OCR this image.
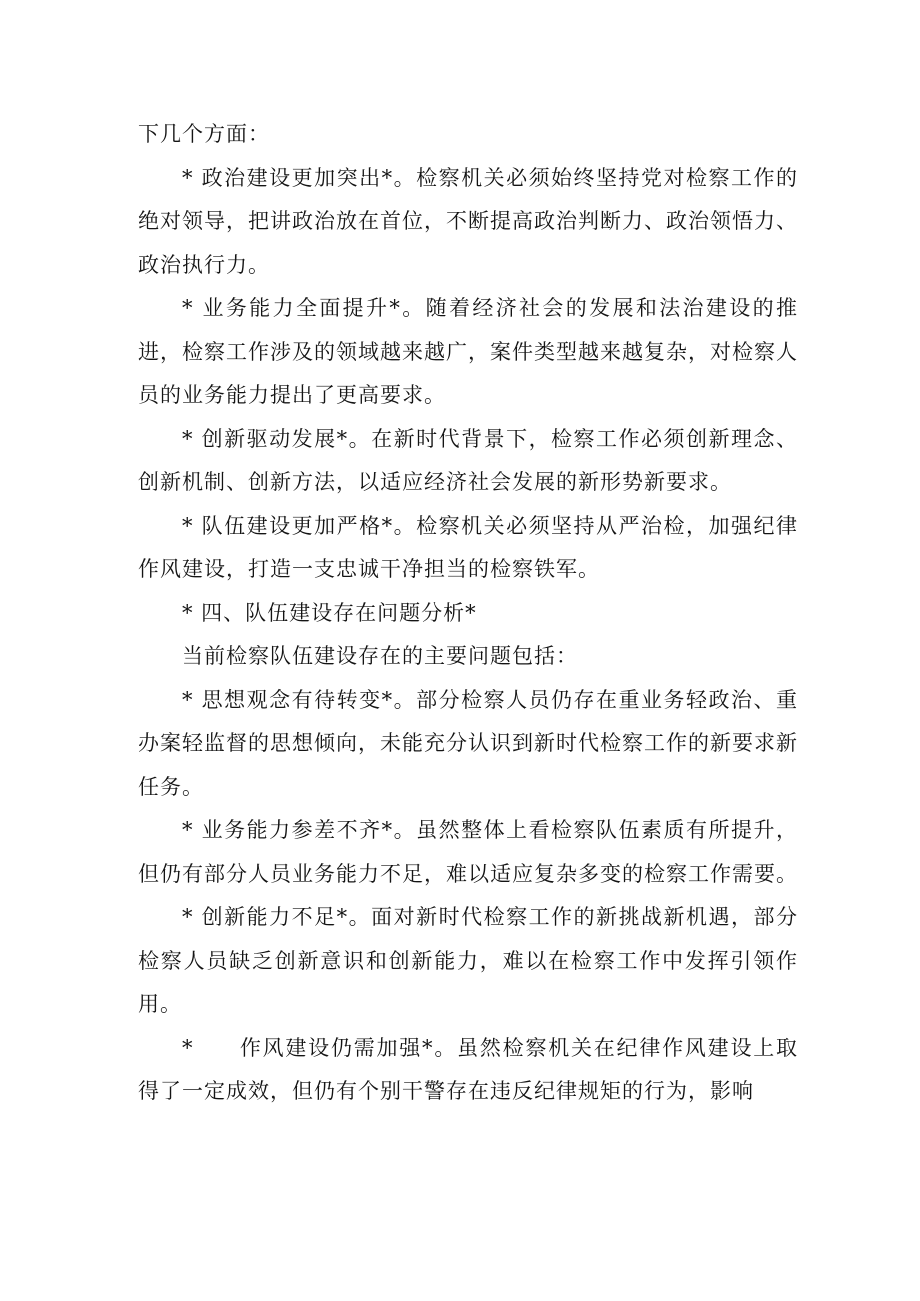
下几个方面：

* 政治建设更加突出*。检察机关必须始终坚持党对检察工作的绝对领导，把讲政治放在首位，不断提高政治判断力、政治领悟力、政治执行力。

* 业务能力全面提升*。随着经济社会的发展和法治建设的推进，检察工作涉及的领域越来越广，案件类型越来越复杂，对检察人员的业务能力提出了更高要求。

* 创新驱动发展*。在新时代背景下，检察工作必须创新理念、创新机制、创新方法，以适应经济社会发展的新形势新要求。

* 队伍建设更加严格*。检察机关必须坚持从严治检，加强纪律作风建设，打造一支忠诚干净担当的检察铁军。

* 四、队伍建设存在问题分析*

当前检察队伍建设存在的主要问题包括：

* 思想观念有待转变*。部分检察人员仍存在重业务轻政治、重办案轻监督的思想倾向，未能充分认识到新时代检察工作的新要求新任务。

* 业务能力参差不齐*。虽然整体上看检察队伍素质有所提升，但仍有部分人员业务能力不足，难以适应复杂多变的检察工作需要。

* 创新能力不足*。面对新时代检察工作的新挑战新机遇，部分检察人员缺乏创新意识和创新能力，难以在检察工作中发挥引领作用。

*　　作风建设仍需加强*。虽然检察机关在纪律作风建设上取得了一定成效，但仍有个别干警存在违反纪律规矩的行为，影响
